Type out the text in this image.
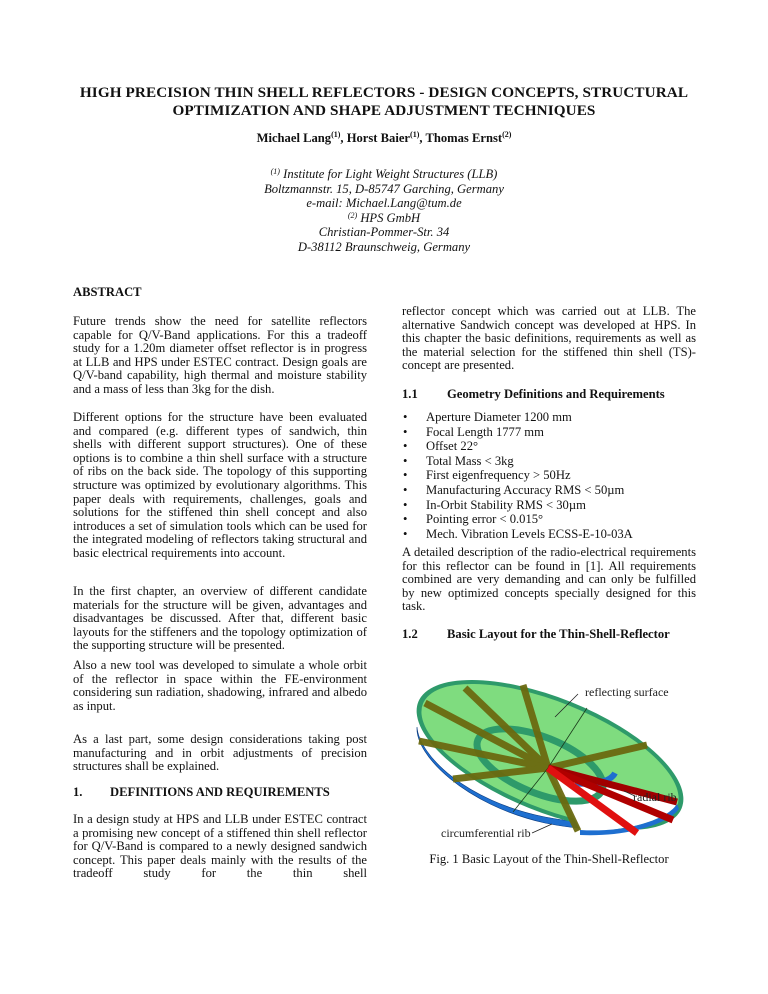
HIGH PRECISION THIN SHELL REFLECTORS - DESIGN CONCEPTS, STRUCTURAL
OPTIMIZATION AND SHAPE ADJUSTMENT TECHNIQUES
Michael Lang$^{(1)}$, Horst Baier$^{(1)}$, Thomas Ernst$^{(2)}$
$^{(1)}$ Institute for Light Weight Structures (LLB)
Boltzmannstr. 15, D-85747 Garching, Germany
e-mail: Michael.Lang@tum.de
$^{(2)}$ HPS GmbH
Christian-Pommer-Str. 34
D-38112 Braunschweig, Germany
ABSTRACT

Future trends show the need for satellite reflectors capable for Q/V-Band applications. For this a tradeoff study for a 1.20m diameter offset reflector is in progress at LLB and HPS under ESTEC contract. Design goals are Q/V-band capability, high thermal and moisture stability and a mass of less than 3kg for the dish.

Different options for the structure have been evaluated and compared (e.g. different types of sandwich, thin shells with different support structures). One of these options is to combine a thin shell surface with a structure of ribs on the back side. The topology of this supporting structure was optimized by evolutionary algorithms. This paper deals with requirements, challenges, goals and solutions for the stiffened thin shell concept and also introduces a set of simulation tools which can be used for the integrated modeling of reflectors taking structural and basic electrical requirements into account.

In the first chapter, an overview of different candidate materials for the structure will be given, advantages and disadvantages be discussed. After that, different basic layouts for the stiffeners and the topology optimization of the supporting structure will be presented.

Also a new tool was developed to simulate a whole orbit of the reflector in space within the FE-environment considering sun radiation, shadowing, infrared and albedo as input.

As a last part, some design considerations taking post manufacturing and in orbit adjustments of precision structures shall be explained.

1. DEFINITIONS AND REQUIREMENTS

In a design study at HPS and LLB under ESTEC contract a promising new concept of a stiffened thin shell reflector for Q/V-Band is compared to a newly designed sandwich concept. This paper deals mainly with the results of the tradeoff study for the thin shell

reflector concept which was carried out at LLB. The alternative Sandwich concept was developed at HPS. In this chapter the basic definitions, requirements as well as the material selection for the stiffened thin shell (TS)-concept are presented.

1.1 Geometry Definitions and Requirements
• Aperture Diameter 1200 mm
• Focal Length 1777 mm
• Offset 22°
• Total Mass < 3kg
• First eigenfrequency > 50Hz
• Manufacturing Accuracy RMS < 50µm
• In-Orbit Stability RMS < 30µm
• Pointing error < 0.015°
• Mech. Vibration Levels ECSS-E-10-03A

A detailed description of the radio-electrical requirements for this reflector can be found in [1]. All requirements combined are very demanding and can only be fulfilled by new optimized concepts specially designed for this task.

1.2 Basic Layout for the Thin-Shell-Reflector
reflecting surface
radial rib
circumferential rib
Fig. 1 Basic Layout of the Thin-Shell-Reflector
